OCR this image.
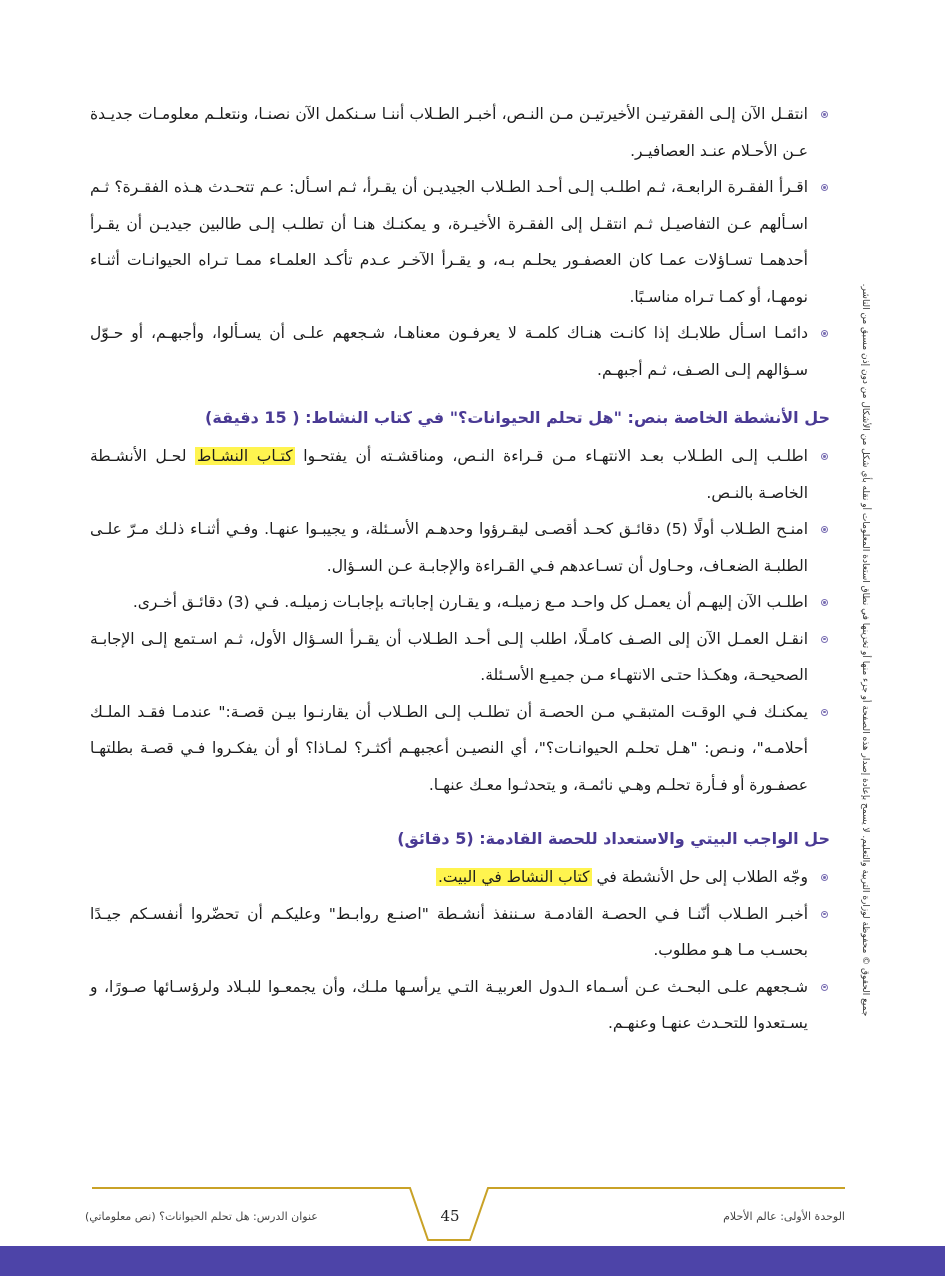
انتقـل الآن إلـى الفقرتيـن الأخيرتيـن مـن النـص، أخبـر الطـلاب أننـا سـنكمل الآن نصنـا، ونتعلـم معلومـات جديـدة عـن الأحـلام عنـد العصافيـر.
اقـرأ الفقـرة الرابعـة، ثـم اطلـب إلـى أحـد الطـلاب الجيديـن أن يقـرأ، ثـم اسـأل: عـم تتحـدث هـذه الفقـرة؟ ثـم اسـألهم عـن التفاصيـل ثـم انتقـل إلى الفقـرة الأخيـرة، و يمكنـك هنـا أن تطلـب إلـى طالبين جيديـن أن يقـرأ أحدهمـا تسـاؤلات عمـا كان العصفـور يحلـم بـه، و يقـرأ الآخـر عـدم تأكـد العلمـاء ممـا تـراه الحيوانـات أثنـاء نومهـا، أو كمـا تـراه مناسـبًا.
دائمـا اسـأل طلابـك إذا كانـت هنـاك كلمـة لا يعرفـون معناهـا، شـجعهم علـى أن يسـألوا، وأجبهـم، أو حـوّل سـؤالهم إلـى الصـف، ثـم أجبهـم.

حل الأنشطة الخاصة بنص: "هل تحلم الحيوانات؟" في كتاب النشاط: ( 15 دقيقة)

اطلـب إلـى الطـلاب بعـد الانتهـاء مـن قـراءة النـص، ومناقشـته أن يفتحـوا كتـاب النشـاط لحـل الأنشـطة الخاصـة بالنـص.
امنـح الطـلاب أولًا (5) دقائـق كحـد أقصـى ليقـرؤوا وحدهـم الأسـئلة، و يجيبـوا عنهـا. وفـي أثنـاء ذلـك مـرّ علـى الطلبـة الضعـاف، وحـاول أن تسـاعدهم فـي القـراءة والإجابـة عـن السـؤال.
اطلـب الآن إليهـم أن يعمـل كل واحـد مـع زميلـه، و يقـارن إجاباتـه بإجابـات زميلـه. فـي (3) دقائـق أخـرى.
انقـل العمـل الآن إلى الصـف كامـلًا، اطلب إلـى أحـد الطـلاب أن يقـرأ السـؤال الأول، ثـم اسـتمع إلـى الإجابـة الصحيحـة، وهكـذا حتـى الانتهـاء مـن جميـع الأسـئلة.
يمكنـك فـي الوقـت المتبقـي مـن الحصـة أن تطلـب إلـى الطـلاب أن يقارنـوا بيـن قصـة:" عندمـا فقـد الملـك أحلامـه"، ونـص: "هـل تحلـم الحيوانـات؟"، أي النصيـن أعجبهـم أكثـر؟ لمـاذا؟ أو أن يفكـروا فـي قصـة بطلتهـا عصفـورة أو فـأرة تحلـم وهـي نائمـة، و يتحدثـوا معـك عنهـا.

حل الواجب البيتي والاستعداد للحصة القادمة: (5 دقائق)

وجّه الطلاب إلى حل الأنشطة في كتاب النشاط في البيت.
أخبـر الطـلاب أنّنـا فـي الحصـة القادمـة سـننفذ أنشـطة "اصنـع روابـط" وعليكـم أن تحضّروا أنفسـكم جيـدًا بحسـب مـا هـو مطلوب.
شـجعهم علـى البحـث عـن أسـماء الـدول العربيـة التـي يرأسـها ملـك، وأن يجمعـوا للبـلاد ولرؤسـائها صـورًا، و يسـتعدوا للتحـدث عنهـا وعنهـم.
جميع الحقوق © محفوظة لوزارة التربية والتعليم. لا يسمح بإعادة إصدار هذه الصفحة أو جزء منها أو تخزينها في نطاق استعادة المعلومات أو نقله بأي شكل من الأشكال من دون إذن مسبق من الناشر.
عنوان الدرس: هل تحلم الحيوانات؟ (نص معلوماتي)	45	الوحدة الأولى: عالم الأحلام
